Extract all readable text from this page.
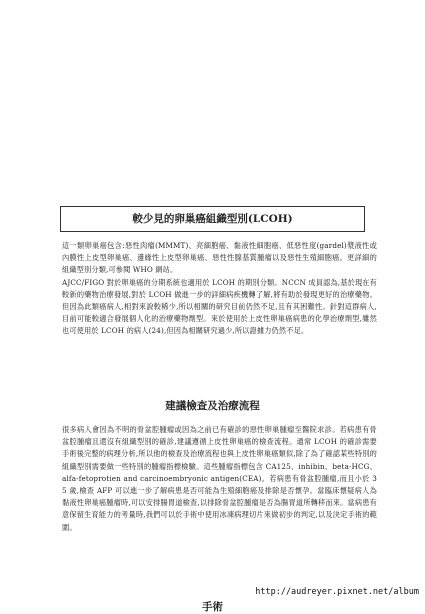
較少見的卵巢癌組織型別(LCOH)
這一類卵巢癌包含:惡性肉瘤(MMMT)、亮細胞癌、黏液性細胞癌、低惡性度(gardel)漿液性或內膜性上皮型卵巢癌、邊緣性上皮型卵巢癌、惡性性腺基質腫瘤以及惡性生殖細胞癌。更詳細的組織型別分類,可參閱 WHO 網站。
AJCC/FIGO 對於卵巢癌的分期系統也適用於 LCOH 的期別分類。NCCN 成員認為,基於現在有較新的藥物治療發展,對於 LCOH 做進一步的詳細病疾機轉了解,將有助於發現更好的治療藥物。但因為此類癌病人,相對來說較稀少,所以相關的研究目前仍然不足,且有其困難性。針對這群病人,目前可能較適合發展個人化的治療藥物劑型。來於使用於上皮性卵巢癌病患的化學治療劑型,雖然也可使用於 LCOH 的病人(24),但因為相關研究過少,所以證據力仍然不足。
建議檢查及治療流程
很多病人會因為不明的骨盆腔腫瘤或因為之前已有確診的惡性卵巢腫瘤至醫院求診。若病患有骨盆腔腫瘤且還沒有組織型別的確診,建議遵循上皮性卵巢癌的檢查流程。通常 LCOH 的確診需要手術後完整的病理分析,所以他的檢查及治療流程也與上皮性卵巢癌類似,除了為了確認某些特別的組織型別需要做一些特別的腫瘤指標檢驗。這些腫瘤指標包含 CA125、inhibin、beta-HCG、alfa-fetoprotien and carcinoembryonic antigen(CEA)。若病患有骨盆腔腫瘤,而且小於 35 歲,檢查 AFP 可以進一步了解病患是否可能為生殖細胞癌及排除是否懷孕。當臨床懷疑病人為黏液性卵巢癌腫瘤時,可以安排腸胃道檢查,以排除骨盆腔腫瘤是否為腸胃道所轉移而來。當病患有意保留生育能力的考量時,我們可以於手術中使用冰凍病理切片來做初步的判定,以及決定手術的範圍。
手術
http://audreyer.pixnet.net/album
